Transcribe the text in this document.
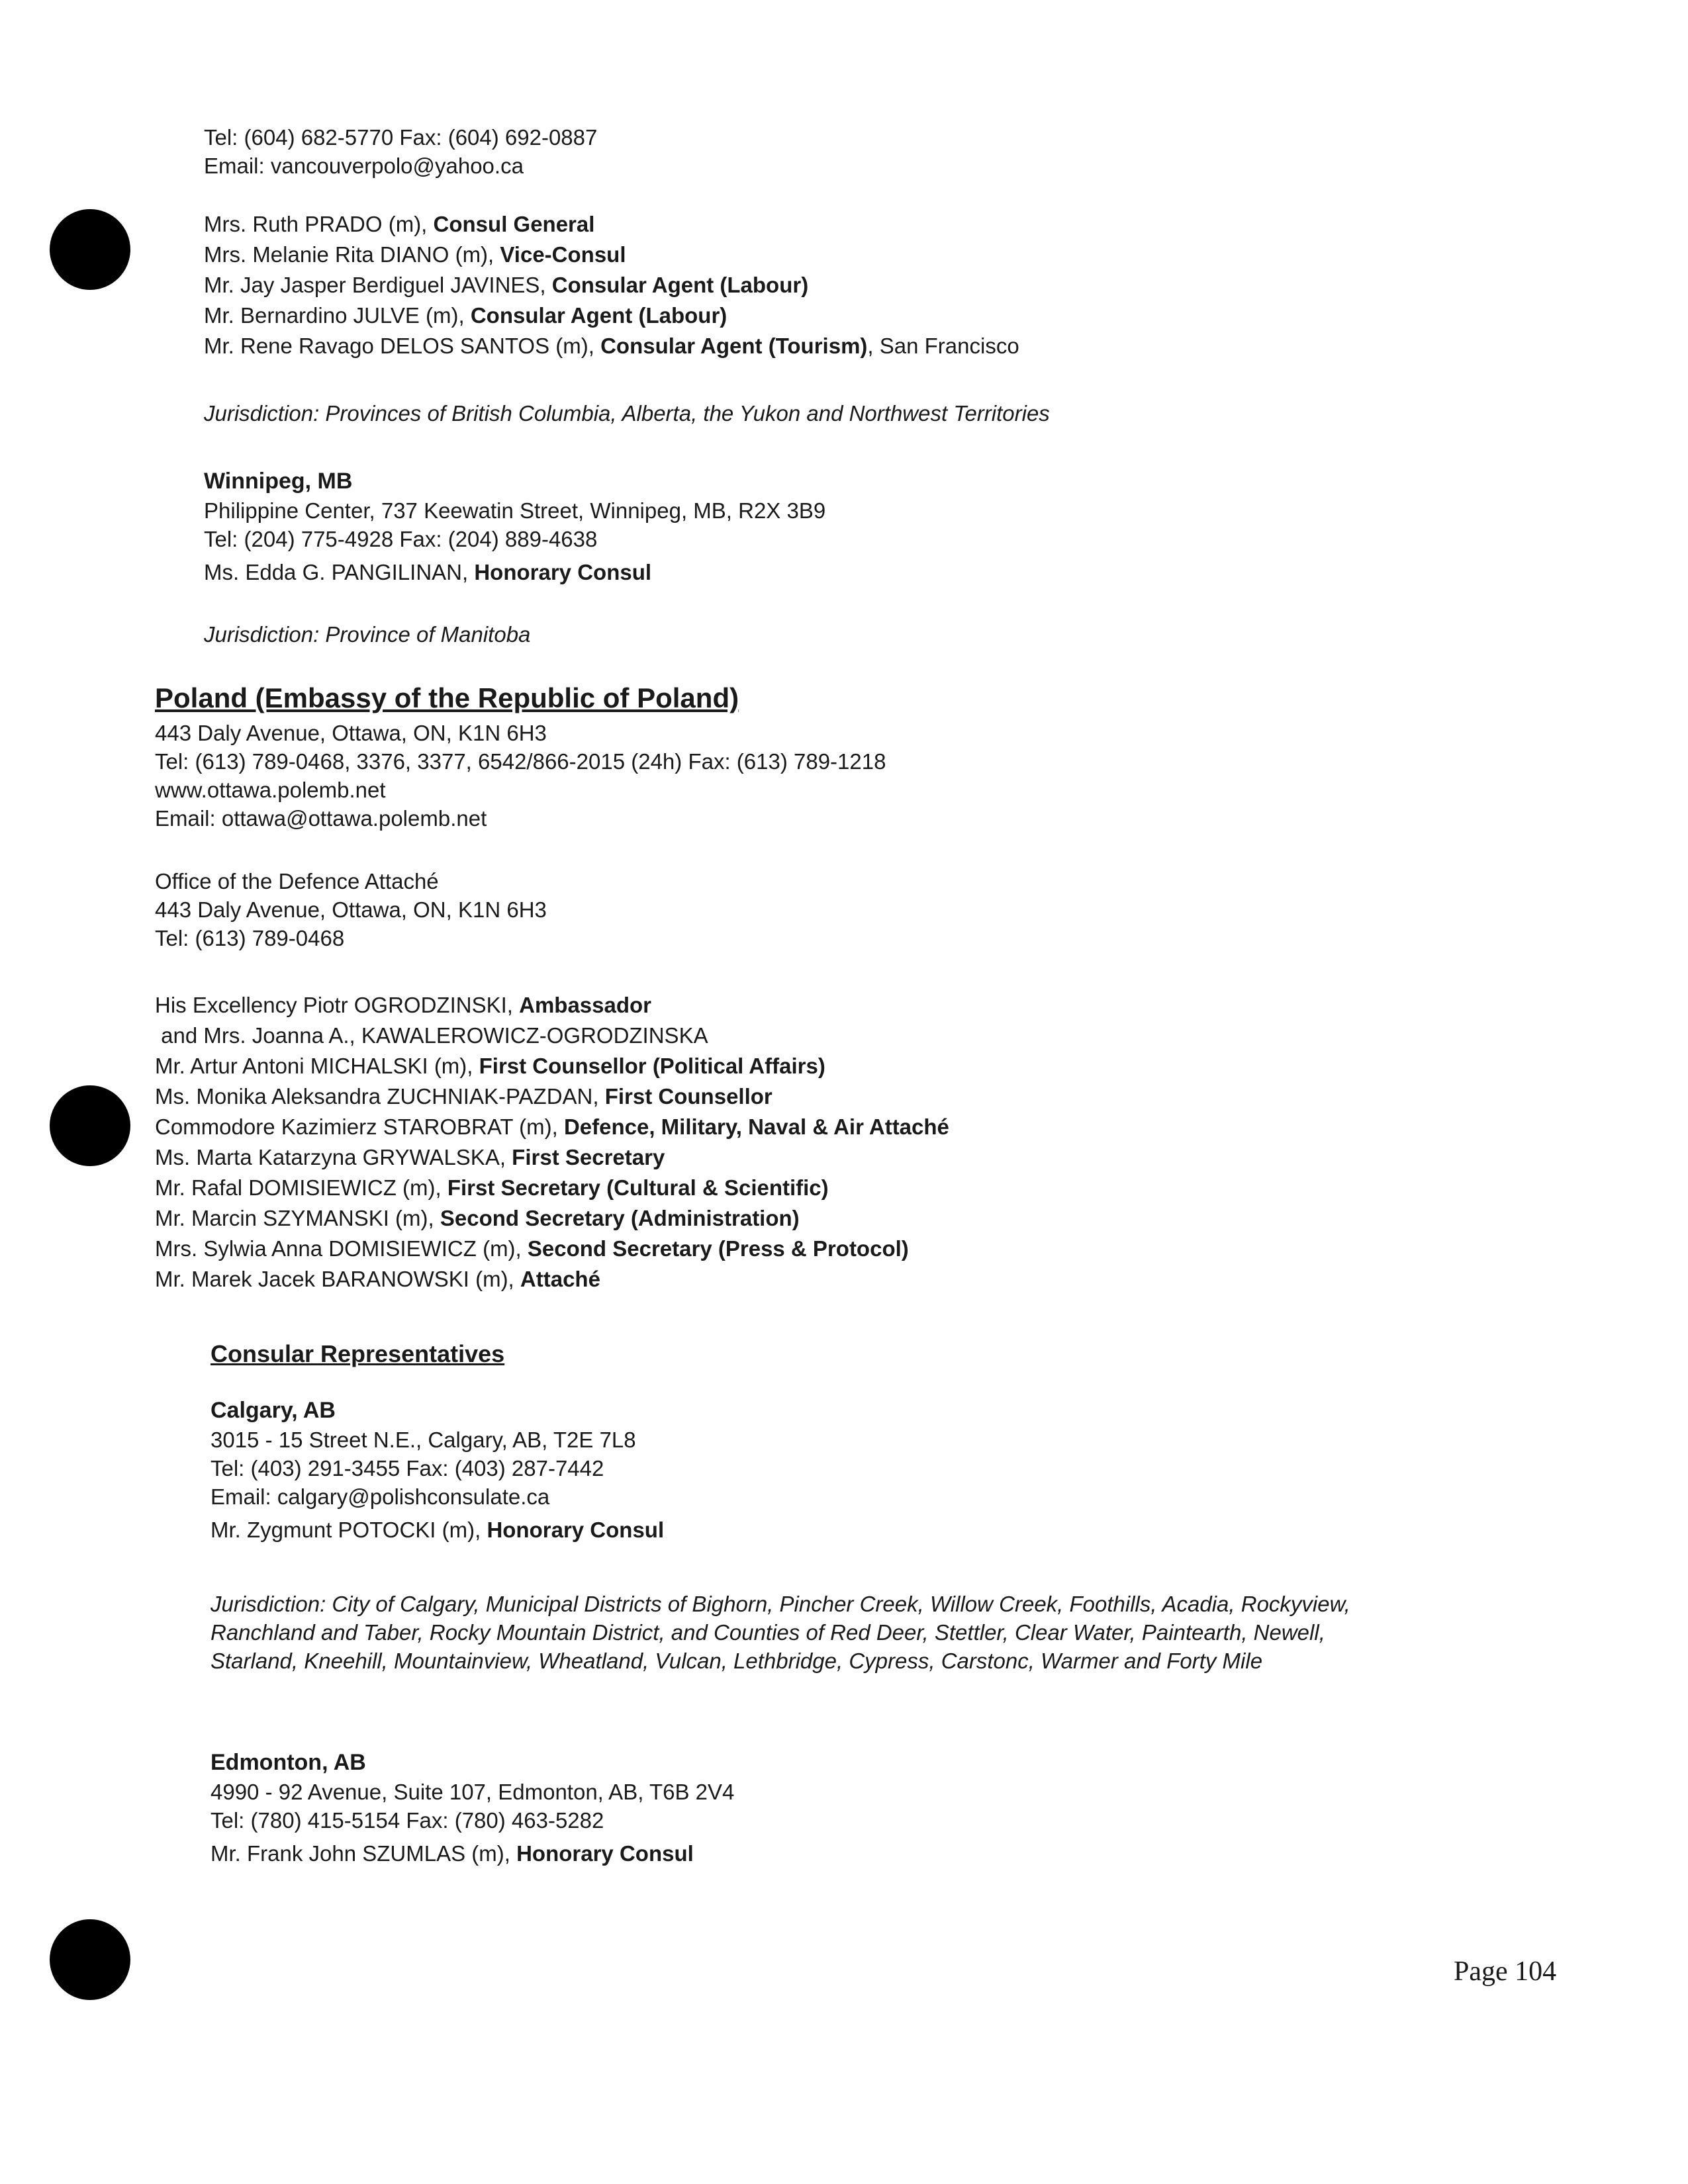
Tel: (604) 682-5770 Fax: (604) 692-0887
Email: vancouverpolo@yahoo.ca
Mrs. Ruth PRADO (m), Consul General
Mrs. Melanie Rita DIANO (m), Vice-Consul
Mr. Jay Jasper Berdiguel JAVINES, Consular Agent (Labour)
Mr. Bernardino JULVE (m), Consular Agent (Labour)
Mr. Rene Ravago DELOS SANTOS (m), Consular Agent (Tourism), San Francisco
Jurisdiction: Provinces of British Columbia, Alberta, the Yukon and Northwest Territories
Winnipeg, MB
Philippine Center, 737 Keewatin Street, Winnipeg, MB, R2X 3B9
Tel: (204) 775-4928 Fax: (204) 889-4638
Ms. Edda G. PANGILINAN, Honorary Consul
Jurisdiction: Province of Manitoba
Poland (Embassy of the Republic of Poland)
443 Daly Avenue, Ottawa, ON, K1N 6H3
Tel: (613) 789-0468, 3376, 3377, 6542/866-2015 (24h) Fax: (613) 789-1218
www.ottawa.polemb.net
Email: ottawa@ottawa.polemb.net
Office of the Defence Attaché
443 Daly Avenue, Ottawa, ON, K1N 6H3
Tel: (613) 789-0468
His Excellency Piotr OGRODZINSKI, Ambassador
and Mrs. Joanna A., KAWALEROWICZ-OGRODZINSKA
Mr. Artur Antoni MICHALSKI (m), First Counsellor (Political Affairs)
Ms. Monika Aleksandra ZUCHNIAK-PAZDAN, First Counsellor
Commodore Kazimierz STAROBRAT (m), Defence, Military, Naval & Air Attaché
Ms. Marta Katarzyna GRYWALSKA, First Secretary
Mr. Rafal DOMISIEWICZ (m), First Secretary (Cultural & Scientific)
Mr. Marcin SZYMANSKI (m), Second Secretary (Administration)
Mrs. Sylwia Anna DOMISIEWICZ (m), Second Secretary (Press & Protocol)
Mr. Marek Jacek BARANOWSKI (m), Attaché
Consular Representatives
Calgary, AB
3015 - 15 Street N.E., Calgary, AB, T2E 7L8
Tel: (403) 291-3455 Fax: (403) 287-7442
Email: calgary@polishconsulate.ca
Mr. Zygmunt POTOCKI (m), Honorary Consul
Jurisdiction: City of Calgary, Municipal Districts of Bighorn, Pincher Creek, Willow Creek, Foothills, Acadia, Rockyview,
Ranchland and Taber, Rocky Mountain District, and Counties of Red Deer, Stettler, Clear Water, Paintearth, Newell,
Starland, Kneehill, Mountainview, Wheatland, Vulcan, Lethbridge, Cypress, Carstonc, Warmer and Forty Mile
Edmonton, AB
4990 - 92 Avenue, Suite 107, Edmonton, AB, T6B 2V4
Tel: (780) 415-5154 Fax: (780) 463-5282
Mr. Frank John SZUMLAS (m), Honorary Consul
Page 104
